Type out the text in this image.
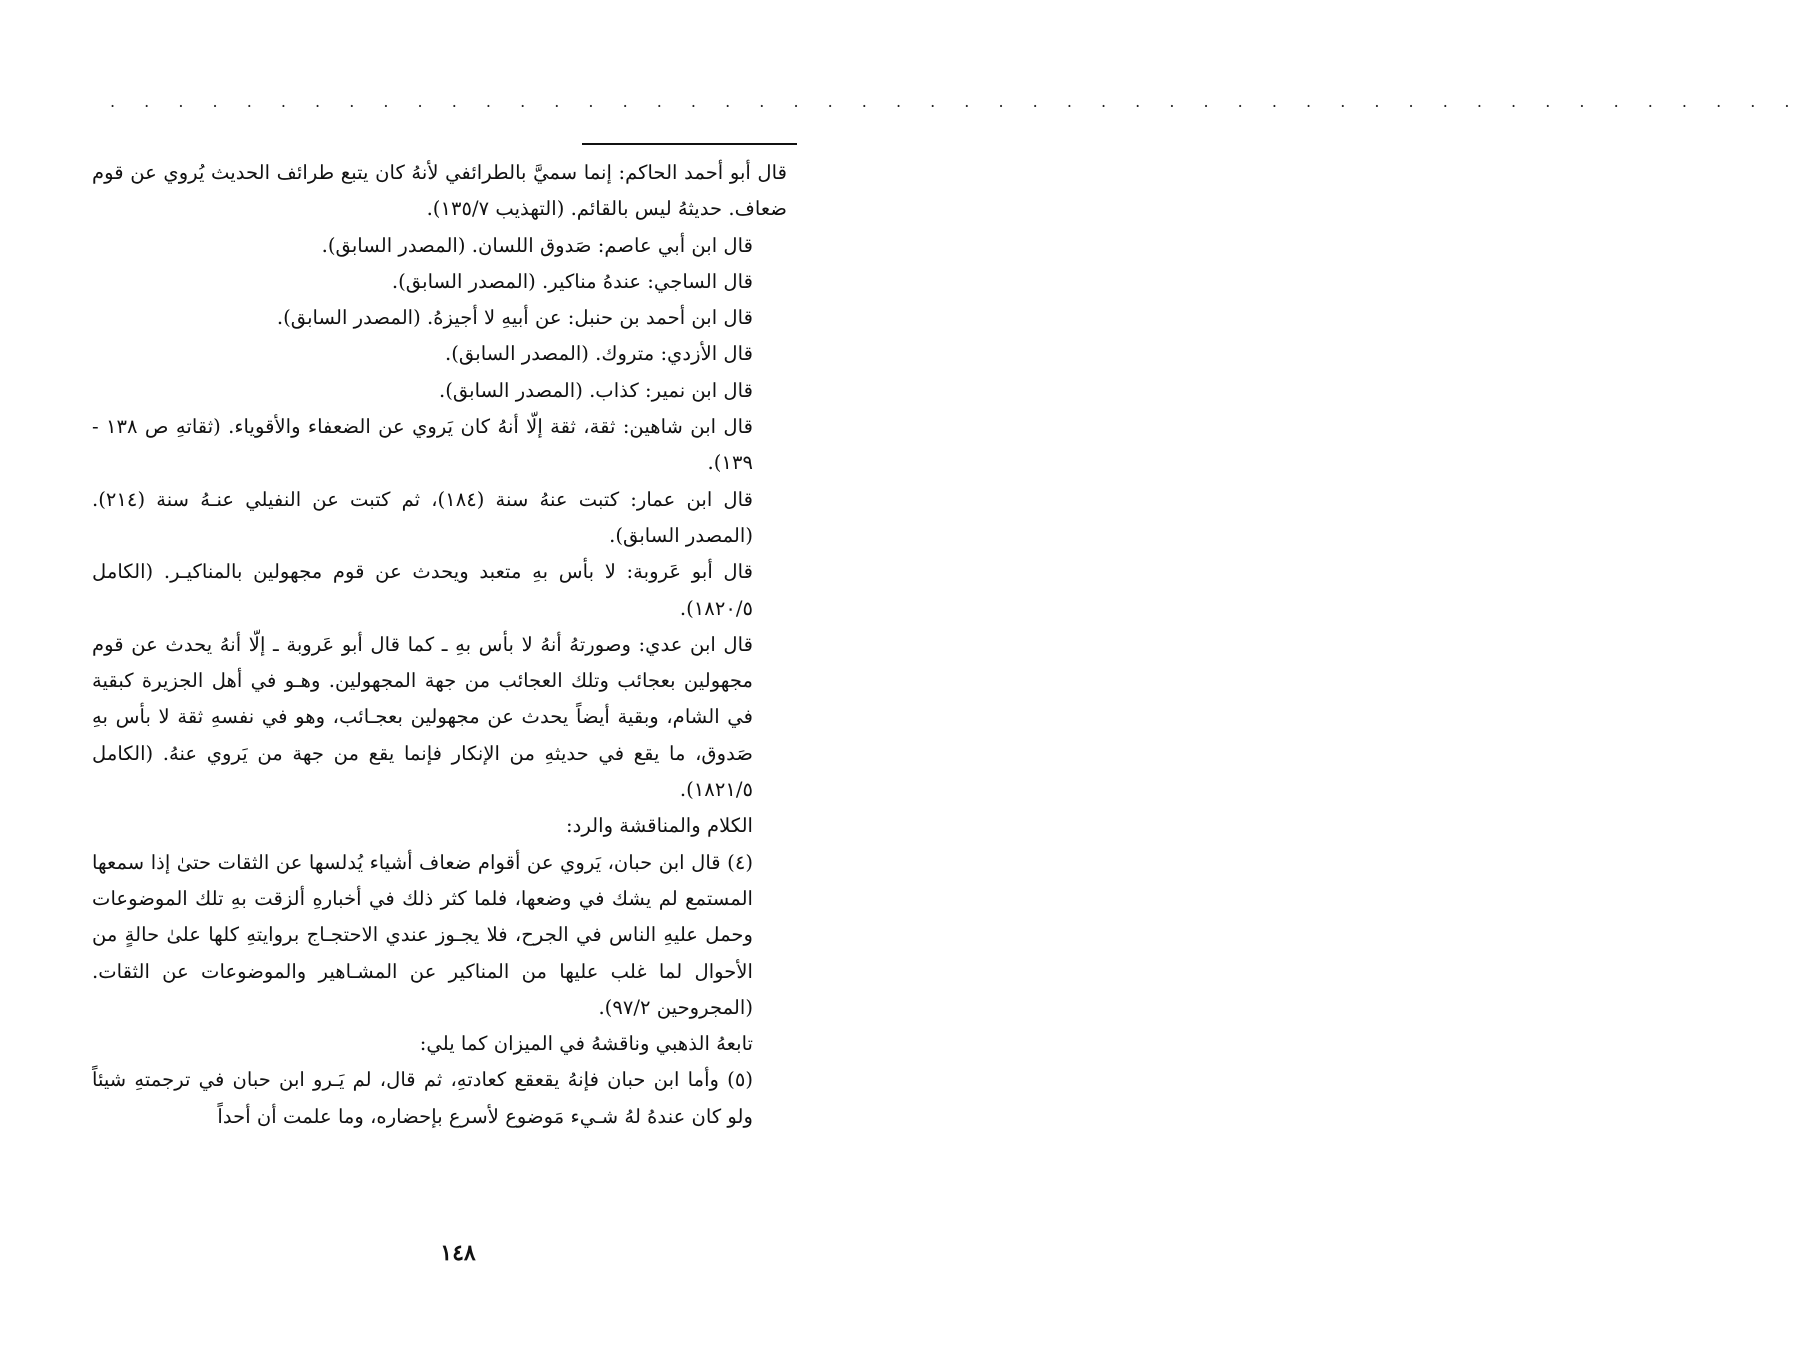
. . . . . . . . . . . . . . . . . . . . . . . . . . . . . . . . . . . . . . . . . . . . . . . . . .

قال أبو أحمد الحاكم: إنما سميَّ بالطرائفي لأنهُ كان يتبع طرائف الحديث يُروي عن قوم ضعاف. حديثهُ ليس بالقائم. (التهذيب ١٣٥/٧).

قال ابن أبي عاصم: صَدوق اللسان. (المصدر السابق).

قال الساجي: عندهُ مناكير. (المصدر السابق).

قال ابن أحمد بن حنبل: عن أبيهِ لا أجيزهُ. (المصدر السابق).

قال الأزدي: متروك. (المصدر السابق).

قال ابن نمير: كذاب. (المصدر السابق).

قال ابن شاهين: ثقة، ثقة إلّا أنهُ كان يَروي عن الضعفاء والأقوياء. (ثقاتهِ ص ١٣٨ - ١٣٩).

قال ابن عمار: كتبت عنهُ سنة (١٨٤)، ثم كتبت عن النفيلي عنـهُ سنة (٢١٤). (المصدر السابق).

قال أبو عَروبة: لا بأس بهِ متعبد ويحدث عن قوم مجهولين بالمناكيـر. (الكامل ١٨٢٠/٥).

قال ابن عدي: وصورتهُ أنهُ لا بأس بهِ ـ كما قال أبو عَروبة ـ إلّا أنهُ يحدث عن قوم مجهولين بعجائب وتلك العجائب من جهة المجهولين. وهـو في أهل الجزيرة كبقية في الشام، وبقية أيضاً يحدث عن مجهولين بعجـائب، وهو في نفسهِ ثقة لا بأس بهِ صَدوق، ما يقع في حديثهِ من الإنكار فإنما يقع من جهة من يَروي عنهُ. (الكامل ١٨٢١/٥).

الكلام والمناقشة والرد:

(٤) قال ابن حبان، يَروي عن أقوام ضعاف أشياء يُدلسها عن الثقات حتىٰ إذا سمعها المستمع لم يشك في وضعها، فلما كثر ذلك في أخبارهِ ألزقت بهِ تلك الموضوعات وحمل عليهِ الناس في الجرح، فلا يجـوز عندي الاحتجـاج بروايتهِ كلها علىٰ حالةٍ من الأحوال لما غلب عليها من المناكير عن المشـاهير والموضوعات عن الثقات. (المجروحين ٩٧/٢).

تابعهُ الذهبي وناقشهُ في الميزان كما يلي:

(٥) وأما ابن حبان فإنهُ يقعقع كعادتهِ، ثم قال، لم يَـرو ابن حبان في ترجمتهِ شيئاً ولو كان عندهُ لهُ شـيء مَوضوع لأسرع بإحضاره، وما علمت أن أحداً

١٤٨
